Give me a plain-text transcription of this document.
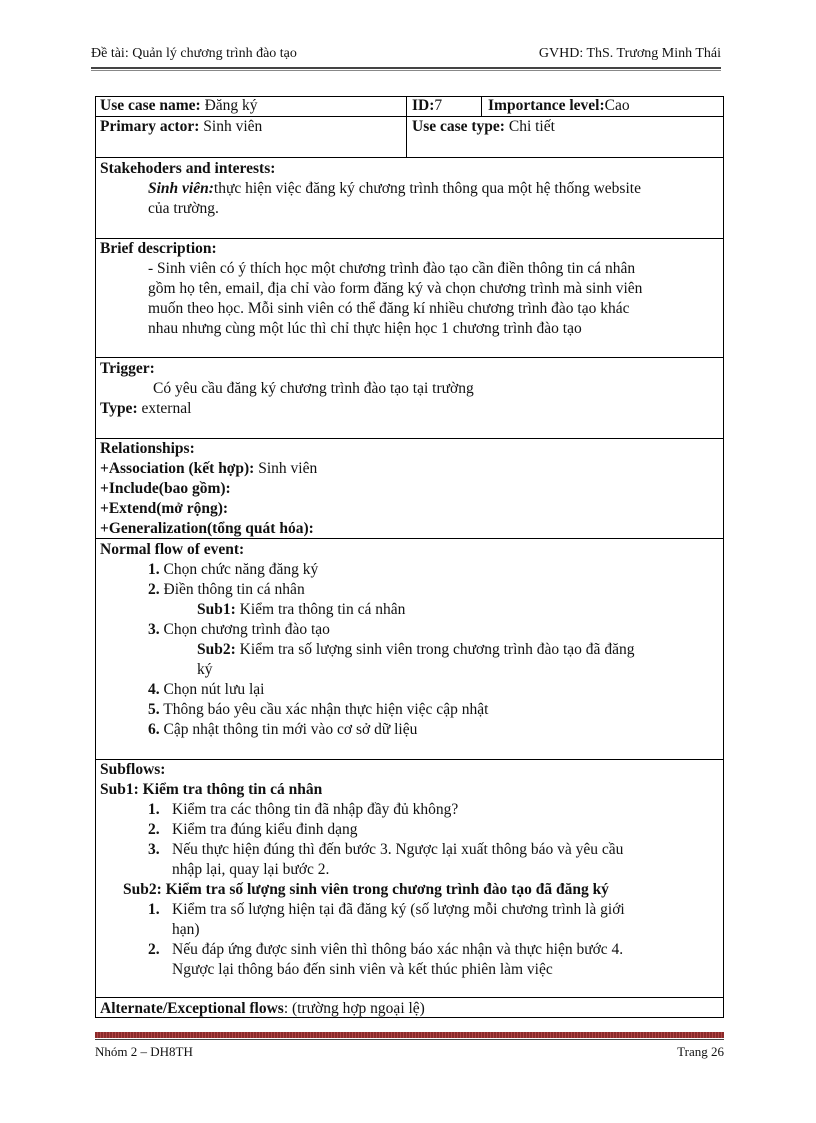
Đề tài: Quản lý chương trình đào tạo	GVHD: ThS. Trương Minh Thái
Use case name: Đăng ký	ID:7	Importance level:Cao
Primary actor: Sinh viên	Use case type: Chi tiết
Stakehoders and interests:
Sinh viên:thực hiện việc đăng ký chương trình thông qua một hệ thống website
của trường.
Brief description:
- Sinh viên có ý thích học một chương trình đào tạo cần điền thông tin cá nhân
gồm họ tên, email, địa chỉ vào form đăng ký và chọn chương trình mà sinh viên
muốn theo học. Mỗi sinh viên có thể đăng kí nhiều chương trình đào tạo khác
nhau nhưng cùng một lúc thì chỉ thực hiện học 1 chương trình đào tạo
Trigger:
Có yêu cầu đăng ký chương trình đào tạo tại trường
Type: external
Relationships:
+Association (kết hợp): Sinh viên
+Include(bao gồm):
+Extend(mở rộng):
+Generalization(tổng quát hóa):
Normal flow of event:
1. Chọn chức năng đăng ký
2. Điền thông tin cá nhân
Sub1: Kiểm tra thông tin cá nhân
3. Chọn chương trình đào tạo
Sub2: Kiểm tra số lượng sinh viên trong chương trình đào tạo đã đăng
ký
4. Chọn nút lưu lại
5. Thông báo yêu cầu xác nhận thực hiện việc cập nhật
6. Cập nhật thông tin mới vào cơ sở dữ liệu
Subflows:
Sub1: Kiểm tra thông tin cá nhân
1. Kiểm tra các thông tin đã nhập đầy đủ không?
2. Kiểm tra đúng kiểu đinh dạng
3. Nếu thực hiện đúng thì đến bước 3. Ngược lại xuất thông báo và yêu cầu
nhập lại, quay lại bước 2.
Sub2: Kiểm tra số lượng sinh viên trong chương trình đào tạo đã đăng ký
1. Kiểm tra số lượng hiện tại đã đăng ký (số lượng mỗi chương trình là giới
hạn)
2. Nếu đáp ứng được sinh viên thì thông báo xác nhận và thực hiện bước 4.
Ngược lại thông báo đến sinh viên và kết thúc phiên làm việc
Alternate/Exceptional flows: (trường hợp ngoại lệ)
Nhóm 2 – DH8TH	Trang 26
